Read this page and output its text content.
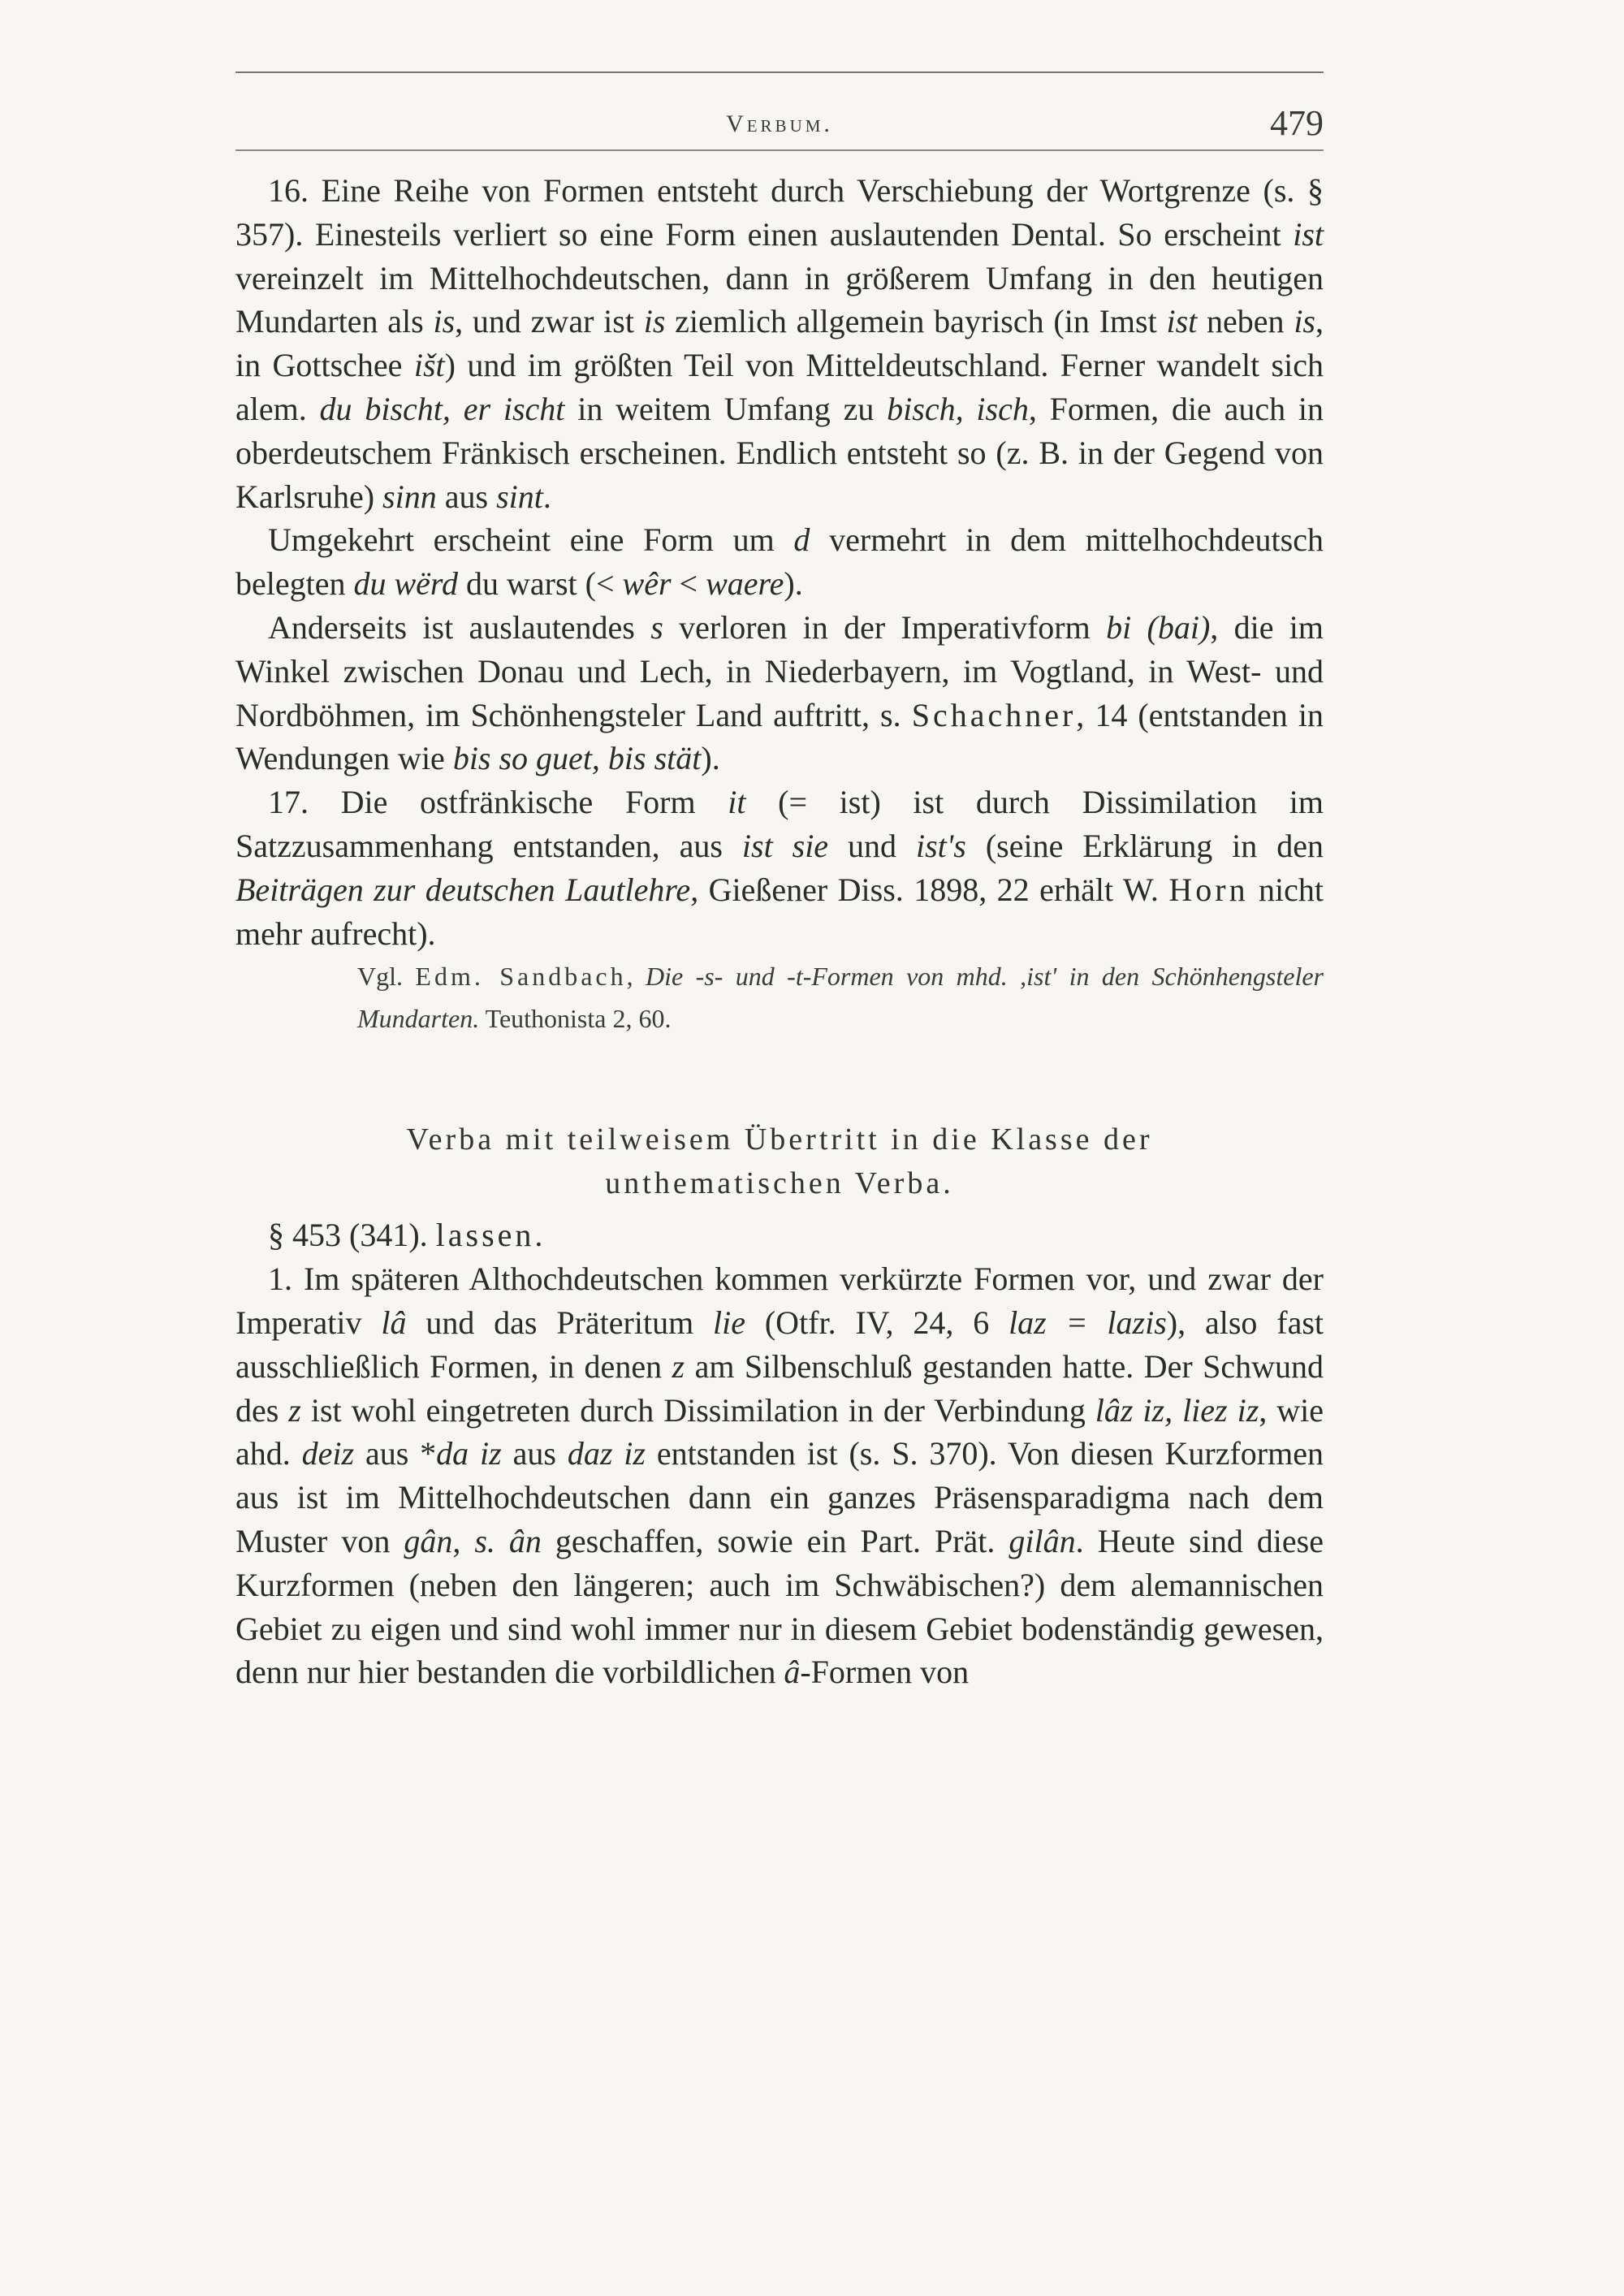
Verbum.	479

16. Eine Reihe von Formen entsteht durch Verschiebung der Wortgrenze (s. § 357). Einesteils verliert so eine Form einen auslautenden Dental. So erscheint ist vereinzelt im Mittelhochdeutschen, dann in größerem Umfang in den heutigen Mundarten als is, und zwar ist is ziemlich allgemein bayrisch (in Imst ist neben is, in Gottschee išt) und im größten Teil von Mitteldeutschland. Ferner wandelt sich alem. du bischt, er ischt in weitem Umfang zu bisch, isch, Formen, die auch in oberdeutschem Fränkisch erscheinen. Endlich entsteht so (z. B. in der Gegend von Karlsruhe) sinn aus sint.

Umgekehrt erscheint eine Form um d vermehrt in dem mittelhochdeutsch belegten du wërd du warst (< wêr < waere).

Anderseits ist auslautendes s verloren in der Imperativform bi (bai), die im Winkel zwischen Donau und Lech, in Niederbayern, im Vogtland, in West- und Nordböhmen, im Schönhengsteler Land auftritt, s. Schachner, 14 (entstanden in Wendungen wie bis so guet, bis stät).

17. Die ostfränkische Form it (= ist) ist durch Dissimilation im Satzzusammenhang entstanden, aus ist sie und ist's (seine Erklärung in den Beiträgen zur deutschen Lautlehre, Gießener Diss. 1898, 22 erhält W. Horn nicht mehr aufrecht).

Vgl. Edm. Sandbach, Die -s- und -t-Formen von mhd. ,ist' in den Schönhengsteler Mundarten. Teuthonista 2, 60.

Verba mit teilweisem Übertritt in die Klasse der
unthematischen Verba.

§ 453 (341). lassen.

1. Im späteren Althochdeutschen kommen verkürzte Formen vor, und zwar der Imperativ lâ und das Präteritum lie (Otfr. IV, 24, 6 laz = lazis), also fast ausschließlich Formen, in denen z am Silbenschluß gestanden hatte. Der Schwund des z ist wohl eingetreten durch Dissimilation in der Verbindung lâz iz, liez iz, wie ahd. deiz aus *da iz aus daz iz entstanden ist (s. S. 370). Von diesen Kurzformen aus ist im Mittelhochdeutschen dann ein ganzes Präsensparadigma nach dem Muster von gân, s. ân geschaffen, sowie ein Part. Prät. gilân. Heute sind diese Kurzformen (neben den längeren; auch im Schwäbischen?) dem alemannischen Gebiet zu eigen und sind wohl immer nur in diesem Gebiet bodenständig gewesen, denn nur hier bestanden die vorbildlichen â-Formen von
